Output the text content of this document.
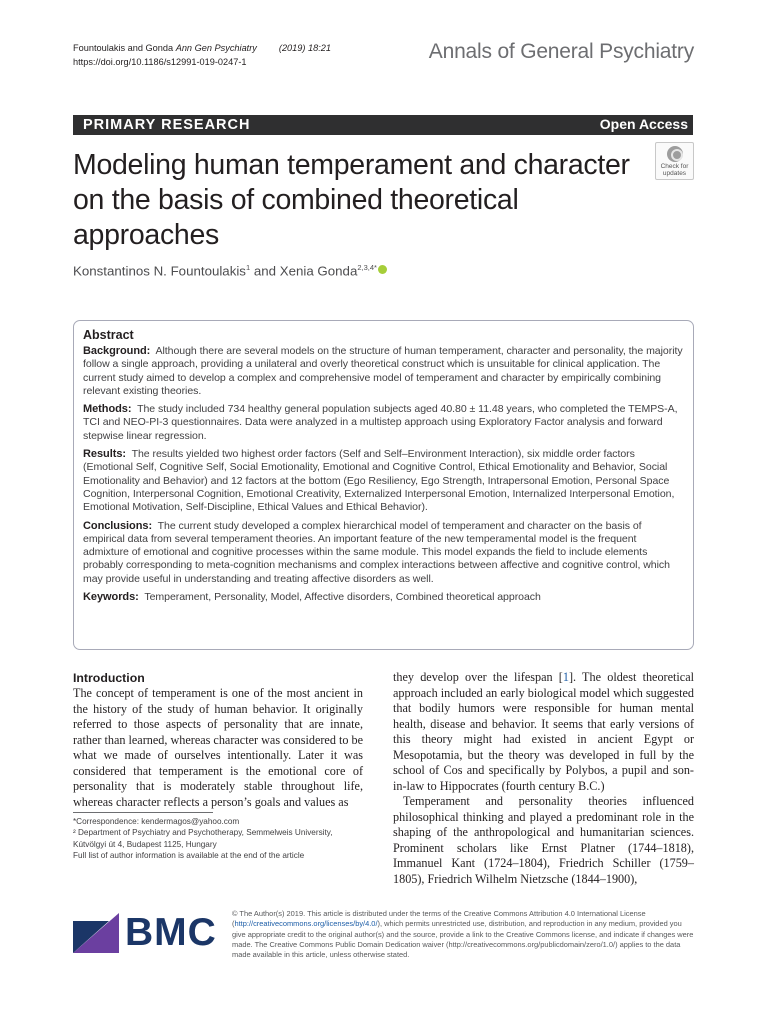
Fountoulakis and Gonda Ann Gen Psychiatry (2019) 18:21
https://doi.org/10.1186/s12991-019-0247-1	Annals of General Psychiatry
PRIMARY RESEARCH	Open Access
Check for
updates
Modeling human temperament and character on the basis of combined theoretical approaches
Konstantinos N. Fountoulakis$^1$ and Xenia Gonda$^{2,3,4*}$
Abstract

Background: Although there are several models on the structure of human temperament, character and personality, the majority follow a single approach, providing a unilateral and overly theoretical construct which is unsuitable for clinical application. The current study aimed to develop a complex and comprehensive model of temperament and character by empirically combining relevant existing theories.

Methods: The study included 734 healthy general population subjects aged 40.80 ± 11.48 years, who completed the TEMPS-A, TCI and NEO-PI-3 questionnaires. Data were analyzed in a multistep approach using Exploratory Factor analysis and forward stepwise linear regression.

Results: The results yielded two highest order factors (Self and Self–Environment Interaction), six middle order factors (Emotional Self, Cognitive Self, Social Emotionality, Emotional and Cognitive Control, Ethical Emotionality and Behavior, Social Emotionality and Behavior) and 12 factors at the bottom (Ego Resiliency, Ego Strength, Intrapersonal Emotion, Personal Space Cognition, Interpersonal Cognition, Emotional Creativity, Externalized Interpersonal Emotion, Internalized Interpersonal Emotion, Emotional Motivation, Self-Discipline, Ethical Values and Ethical Behavior).

Conclusions: The current study developed a complex hierarchical model of temperament and character on the basis of empirical data from several temperament theories. An important feature of the new temperamental model is the frequent admixture of emotional and cognitive processes within the same module. This model expands the field to include elements probably corresponding to meta-cognition mechanisms and complex interactions between affective and cognitive control, which may provide useful in understanding and treating affective disorders as well.

Keywords: Temperament, Personality, Model, Affective disorders, Combined theoretical approach

Introduction

The concept of temperament is one of the most ancient in the history of the study of human behavior. It originally referred to those aspects of personality that are innate, rather than learned, whereas character was considered to be what we made of ourselves intentionally. Later it was considered that temperament is the emotional core of personality that is moderately stable throughout life, whereas character reflects a person’s goals and values as

they develop over the lifespan [1]. The oldest theoretical approach included an early biological model which suggested that bodily humors were responsible for human mental health, disease and behavior. It seems that early versions of this theory might had existed in ancient Egypt or Mesopotamia, but the theory was developed in full by the school of Cos and specifically by Polybos, a pupil and son-in-law to Hippocrates (fourth century B.C.)

Temperament and personality theories influenced philosophical thinking and played a predominant role in the shaping of the anthropological and humanitarian sciences. Prominent scholars like Ernst Platner (1744–1818), Immanuel Kant (1724–1804), Friedrich Schiller (1759–1805), Friedrich Wilhelm Nietzsche (1844–1900),

*Correspondence: kendermagos@yahoo.com
² Department of Psychiatry and Psychotherapy, Semmelweis University, Kútvölgyi út 4, Budapest 1125, Hungary
Full list of author information is available at the end of the article
BMC © The Author(s) 2019. This article is distributed under the terms of the Creative Commons Attribution 4.0 International License (http://creativecommons.org/licenses/by/4.0/), which permits unrestricted use, distribution, and reproduction in any medium, provided you give appropriate credit to the original author(s) and the source, provide a link to the Creative Commons license, and indicate if changes were made. The Creative Commons Public Domain Dedication waiver (http://creativecommons.org/publicdomain/zero/1.0/) applies to the data made available in this article, unless otherwise stated.
